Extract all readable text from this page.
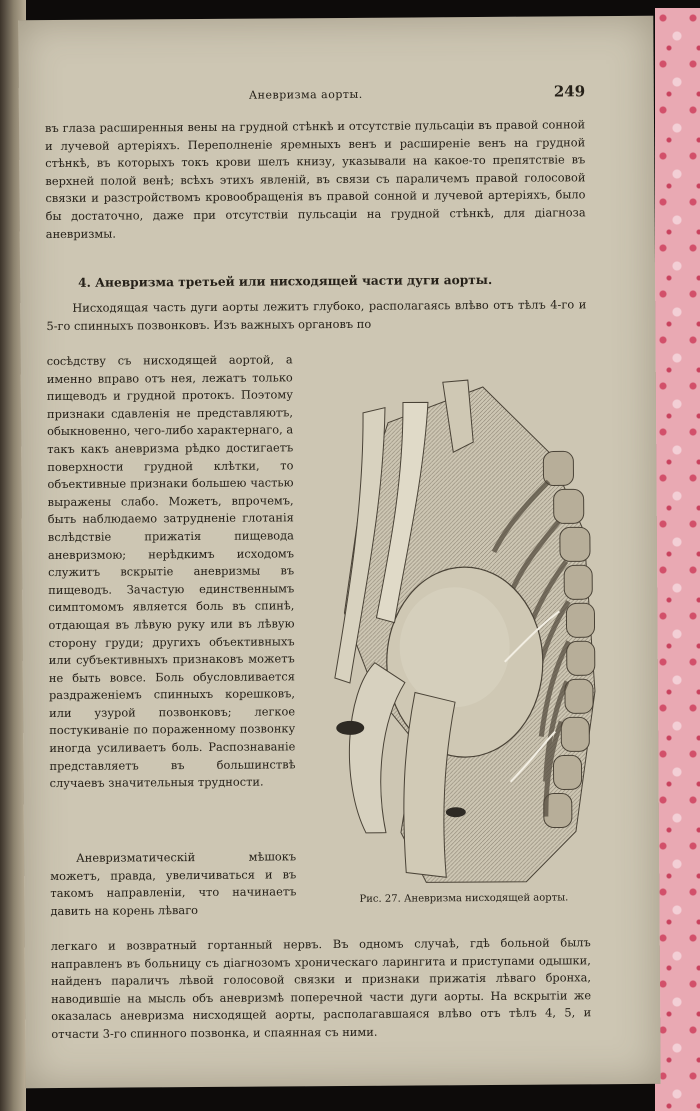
Аневризма аорты.	249
въ глаза расширенныя вены на грудной стѣнкѣ и отсутствіе пульсаціи въ правой сонной и лучевой артеріяхъ. Переполненіе яремныхъ венъ и расширеніе венъ на грудной стѣнкѣ, въ которыхъ токъ крови шелъ книзу, указывали на какое-то препятствіе въ верхней полой венѣ; всѣхъ этихъ явленій, въ связи съ параличемъ правой голосовой связки и разстройствомъ кровообращенія въ правой сонной и лучевой артеріяхъ, было бы достаточно, даже при отсутствіи пульсаціи на грудной стѣнкѣ, для діагноза аневризмы.
4. Аневризма третьей или нисходящей части дуги аорты.
Нисходящая часть дуги аорты лежитъ глубоко, располагаясь влѣво отъ тѣлъ 4-го и 5-го спинныхъ позвонковъ. Изъ важныхъ органовъ по
сосѣдству съ нисходящей аортой, а именно вправо отъ нея, лежатъ только пищеводъ и грудной протокъ. Поэтому признаки сдавленія не представляютъ, обыкновенно, чего-либо характернаго, а такъ какъ аневризма рѣдко достигаетъ поверхности грудной клѣтки, то объективные признаки большею частью выражены слабо. Можетъ, впрочемъ, быть наблюдаемо затрудненіе глотанія вслѣдствіе прижатія пищевода аневризмою; нерѣдкимъ исходомъ служитъ вскрытіе аневризмы въ пищеводъ. Зачастую единственнымъ симптомомъ является боль въ спинѣ, отдающая въ лѣвую руку или въ лѣвую сторону груди; другихъ объективныхъ или субъективныхъ признаковъ можетъ не быть вовсе. Боль обусловливается раздраженіемъ спинныхъ корешковъ, или узурой позвонковъ; легкое постукиваніе по пораженному позвонку иногда усиливаетъ боль. Распознаваніе представляетъ въ большинствѣ случаевъ значительныя трудности.
Аневризматическій мѣшокъ можетъ, правда, увеличиваться и въ такомъ направленіи, что начинаетъ давить на корень лѣваго
легкаго и возвратный гортанный нервъ. Въ одномъ случаѣ, гдѣ больной былъ направленъ въ больницу съ діагнозомъ хроническаго ларингита и приступами одышки, найденъ параличъ лѣвой голосовой связки и признаки прижатія лѣваго бронха, наводившіе на мысль объ аневризмѣ поперечной части дуги аорты. На вскрытіи же оказалась аневризма нисходящей аорты, располагавшаяся влѣво отъ тѣлъ 4, 5, и отчасти 3-го спинного позвонка, и спаянная съ ними.
Рис. 27. Аневризма нисходящей аорты.
